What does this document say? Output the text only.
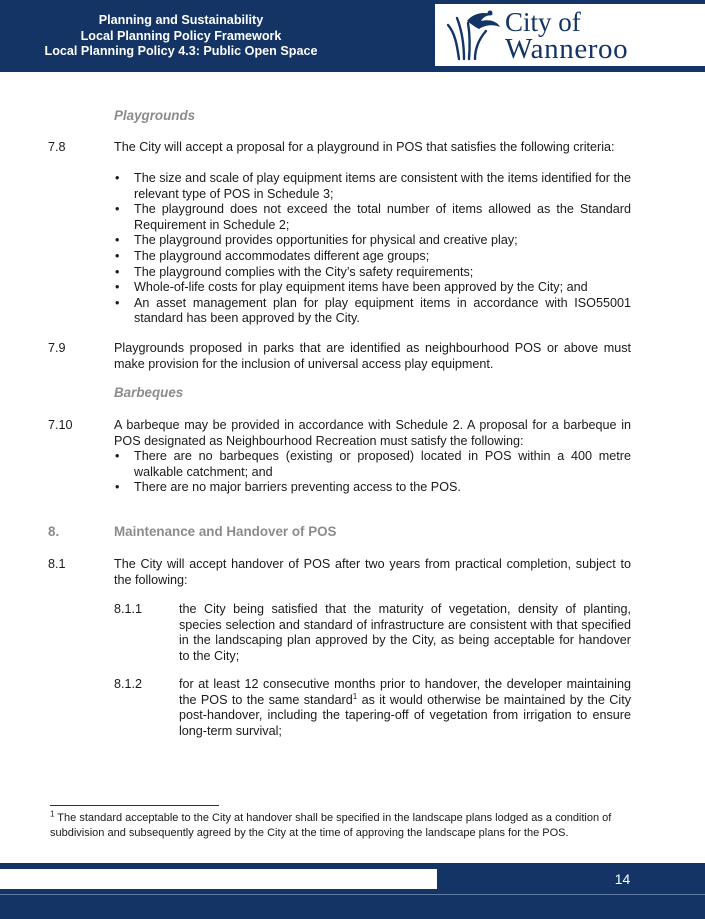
Planning and Sustainability
Local Planning Policy Framework
Local Planning Policy 4.3: Public Open Space
City of
Wanneroo
Playgrounds
7.8	The City will accept a proposal for a playground in POS that satisfies the following criteria:
• The size and scale of play equipment items are consistent with the items identified for the relevant type of POS in Schedule 3;
• The playground does not exceed the total number of items allowed as the Standard Requirement in Schedule 2;
• The playground provides opportunities for physical and creative play;
• The playground accommodates different age groups;
• The playground complies with the City’s safety requirements;
• Whole-of-life costs for play equipment items have been approved by the City; and
• An asset management plan for play equipment items in accordance with ISO55001 standard has been approved by the City.
7.9	Playgrounds proposed in parks that are identified as neighbourhood POS or above must make provision for the inclusion of universal access play equipment.
Barbeques
7.10	A barbeque may be provided in accordance with Schedule 2. A proposal for a barbeque in POS designated as Neighbourhood Recreation must satisfy the following:
• There are no barbeques (existing or proposed) located in POS within a 400 metre walkable catchment; and
• There are no major barriers preventing access to the POS.
8.	Maintenance and Handover of POS
8.1	The City will accept handover of POS after two years from practical completion, subject to the following:
8.1.1	the City being satisfied that the maturity of vegetation, density of planting, species selection and standard of infrastructure are consistent with that specified in the landscaping plan approved by the City, as being acceptable for handover to the City;
8.1.2	for at least 12 consecutive months prior to handover, the developer maintaining the POS to the same standard$^1$ as it would otherwise be maintained by the City post-handover, including the tapering-off of vegetation from irrigation to ensure long-term survival;
$^1$ The standard acceptable to the City at handover shall be specified in the landscape plans lodged as a condition of subdivision and subsequently agreed by the City at the time of approving the landscape plans for the POS.
14
